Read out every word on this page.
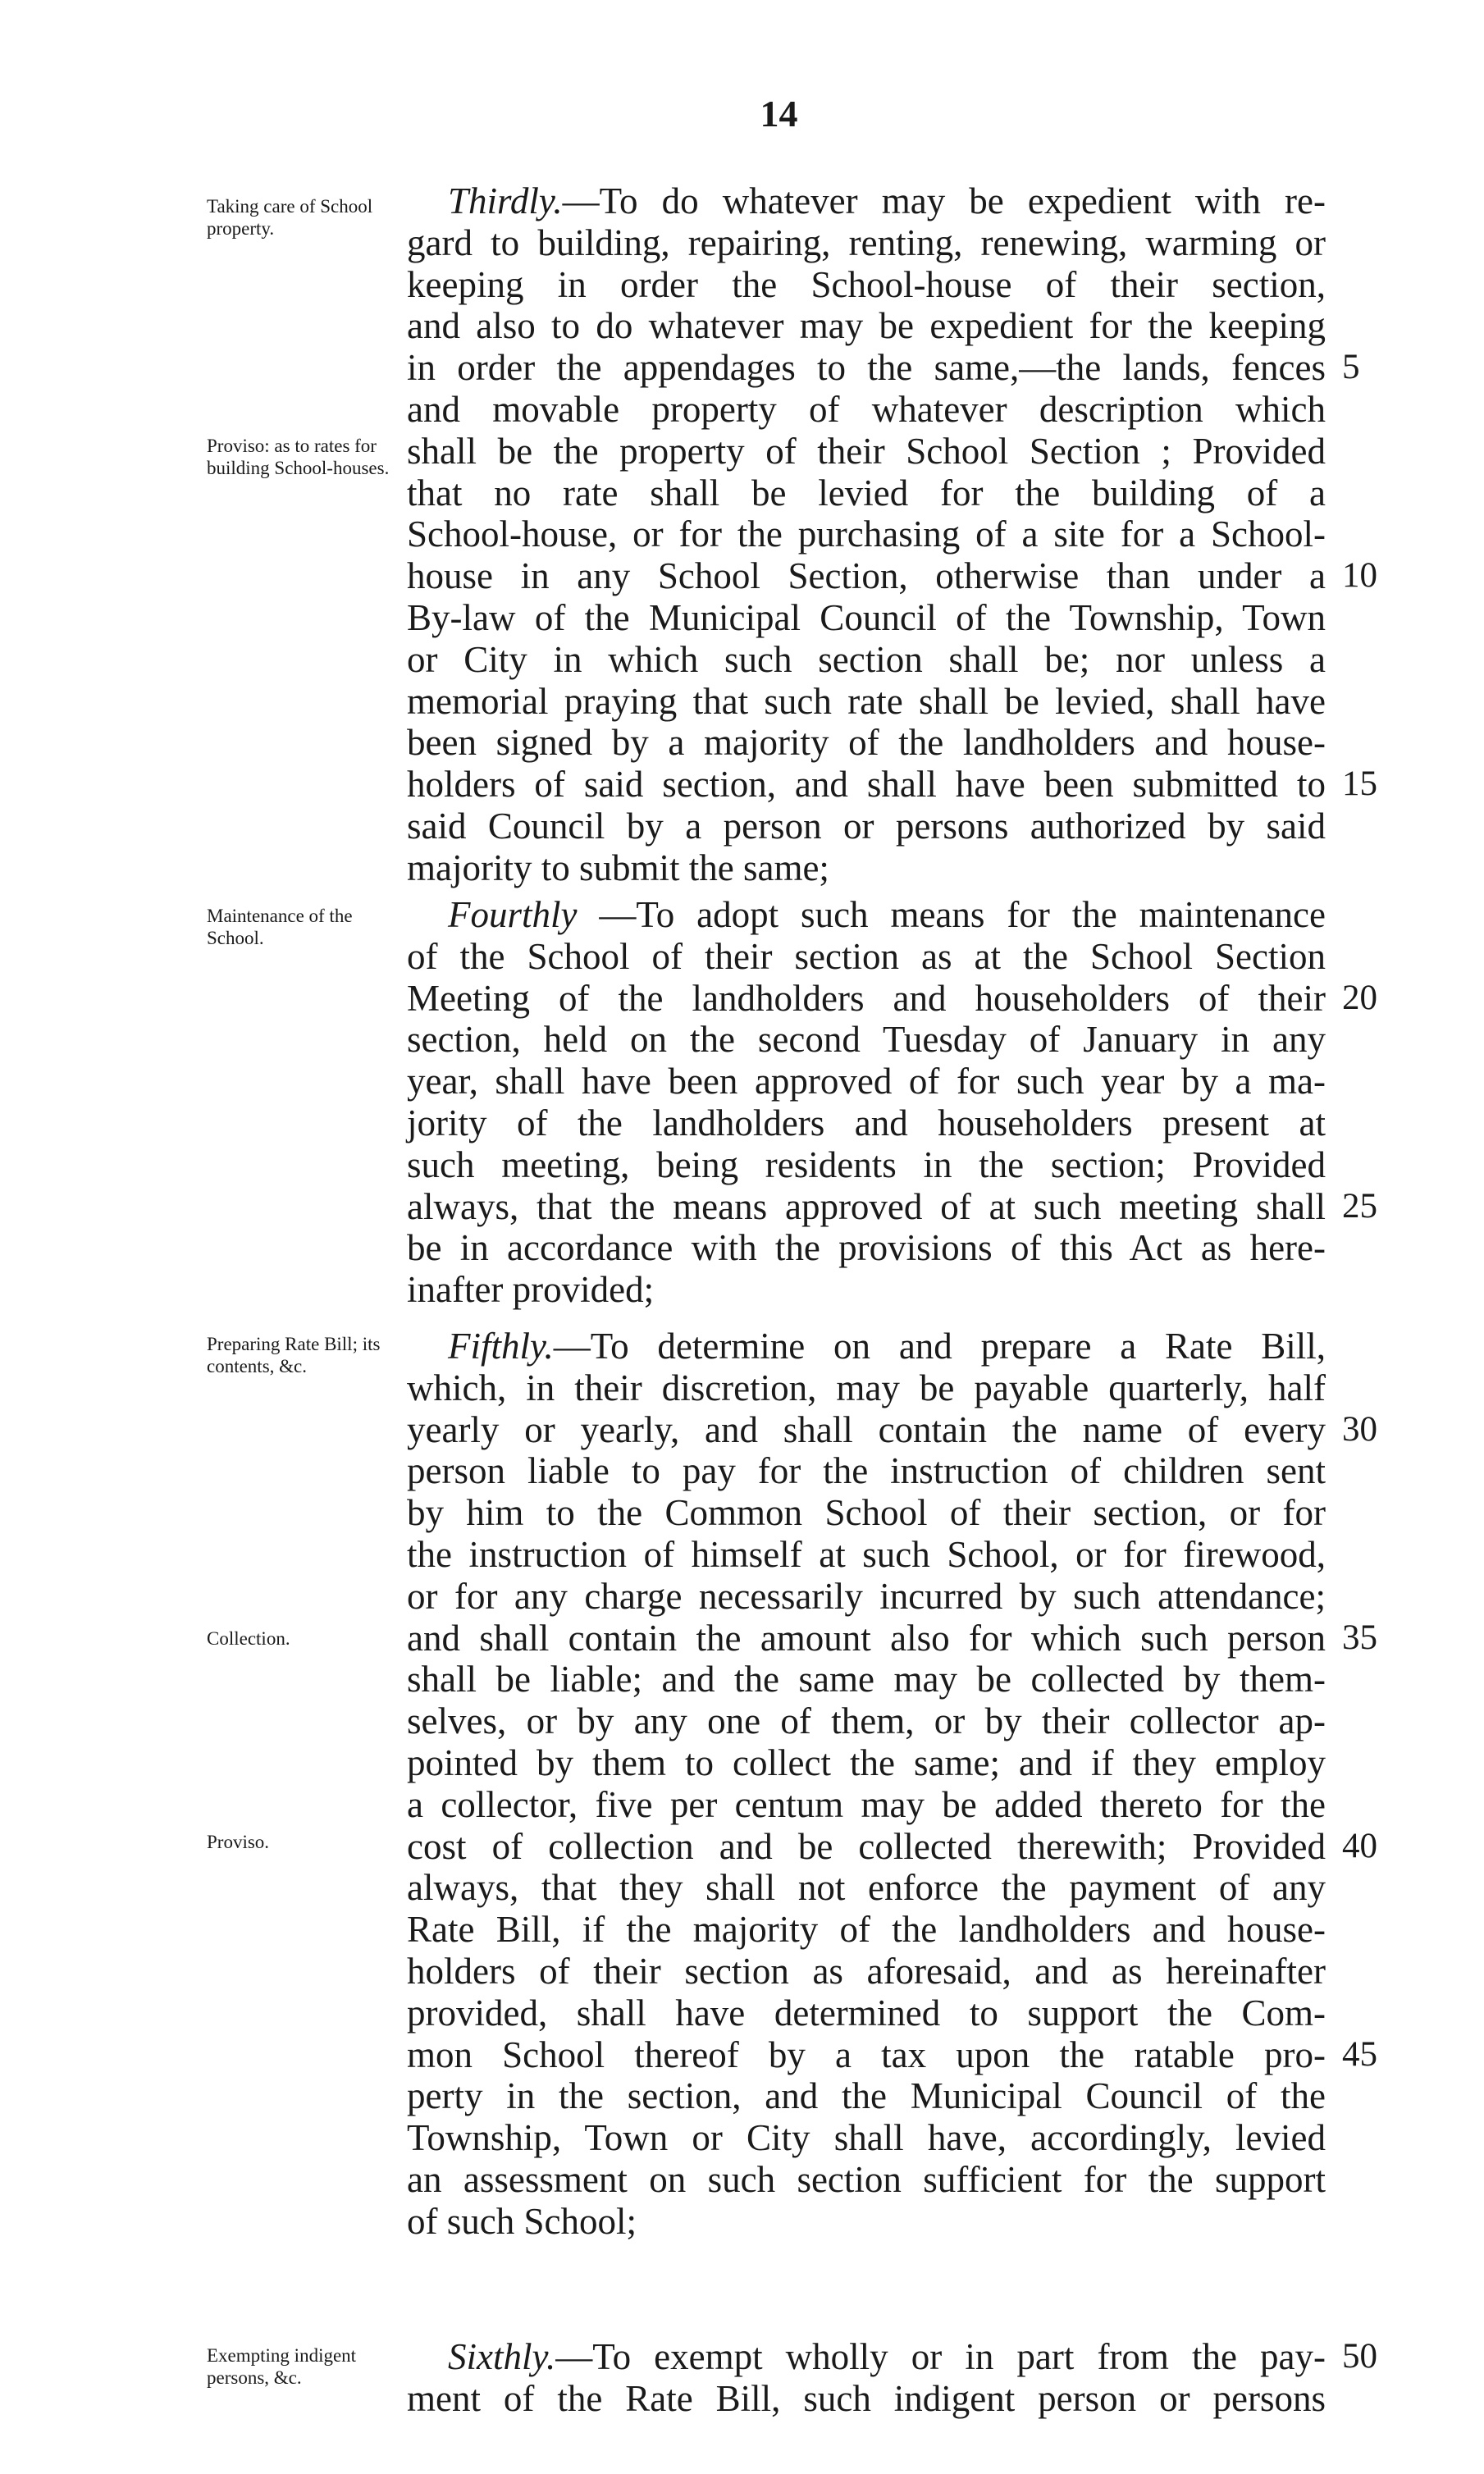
14
Taking care of School property.
Thirdly.—To do whatever may be expedient with re-
gard to building, repairing, renting, renewing, warming or
keeping in order the School-house of their section,
and also to do whatever may be expedient for the keeping
in order the appendages to the same,—the lands, fences 5
and movable property of whatever description which
shall be the property of their School Section ; Provided
that no rate shall be levied for the building of a
School-house, or for the purchasing of a site for a School-
house in any School Section, otherwise than under a 10
By-law of the Municipal Council of the Township, Town
or City in which such section shall be; nor unless a
memorial praying that such rate shall be levied, shall have
been signed by a majority of the landholders and house-
holders of said section, and shall have been submitted to 15
said Council by a person or persons authorized by said
majority to submit the same;
Maintenance of the School.
Fourthly —To adopt such means for the maintenance
of the School of their section as at the School Section
Meeting of the landholders and householders of their 20
section, held on the second Tuesday of January in any
year, shall have been approved of for such year by a ma-
jority of the landholders and householders present at
such meeting, being residents in the section; Provided
always, that the means approved of at such meeting shall 25
be in accordance with the provisions of this Act as here-
inafter provided;
Preparing Rate Bill; its contents, &c.	Fifthly.—To determine on and prepare a Rate Bill,
which, in their discretion, may be payable quarterly, half
yearly or yearly, and shall contain the name of every 30
person liable to pay for the instruction of children sent
by him to the Common School of their section, or for
the instruction of himself at such School, or for firewood,
or for any charge necessarily incurred by such attendance;
and shall contain the amount also for which such person 35
shall be liable; and the same may be collected by them-
selves, or by any one of them, or by their collector ap-
pointed by them to collect the same; and if they employ
a collector, five per centum may be added thereto for the
cost of collection and be collected therewith; Provided 40
always, that they shall not enforce the payment of any
Rate Bill, if the majority of the landholders and house-
holders of their section as aforesaid, and as hereinafter
provided, shall have determined to support the Com-
mon School thereof by a tax upon the ratable pro- 45
perty in the section, and the Municipal Council of the
Township, Town or City shall have, accordingly, levied
an assessment on such section sufficient for the support
of such School;
Exempting indigent persons, &c.
Sixthly.—To exempt wholly or in part from the pay- 50
ment of the Rate Bill, such indigent person or persons
Proviso: as to rates for building School-houses.
Collection.
Proviso.
